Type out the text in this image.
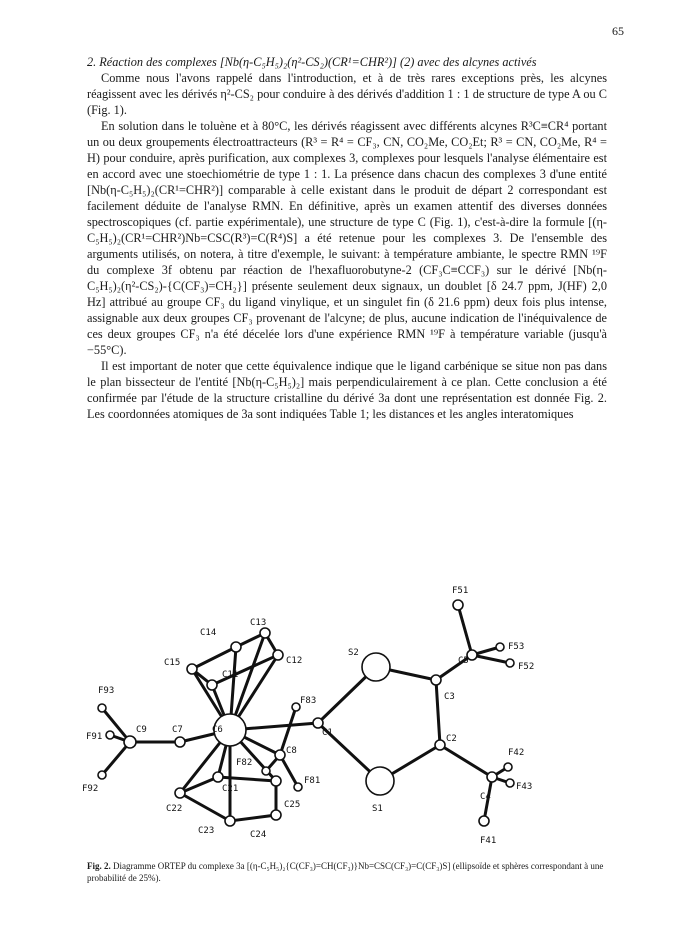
65

2. Réaction des complexes [Nb(η-C₅H₅)₂(η²-CS₂)(CR¹=CHR²)] (2) avec des alcynes activés

Comme nous l'avons rappelé dans l'introduction, et à de très rares exceptions près, les alcynes réagissent avec les dérivés η²-CS₂ pour conduire à des dérivés d'addition 1 : 1 de structure de type A ou C (Fig. 1).

En solution dans le toluène et à 80°C, les dérivés réagissent avec différents alcynes R³C≡CR⁴ portant un ou deux groupements électroattracteurs (R³ = R⁴ = CF₃, CN, CO₂Me, CO₂Et; R³ = CN, CO₂Me, R⁴ = H) pour conduire, après purification, aux complexes 3, complexes pour lesquels l'analyse élémentaire est en accord avec une stoechiométrie de type 1 : 1. La présence dans chacun des complexes 3 d'une entité [Nb(η-C₅H₅)₂(CR¹=CHR²)] comparable à celle existant dans le produit de départ 2 correspondant est facilement déduite de l'analyse RMN. En définitive, après un examen attentif des diverses données spectroscopiques (cf. partie expérimentale), une structure de type C (Fig. 1), c'est-à-dire la formule [(η-C₅H₅)₂(CR¹=CHR²)Nb=CSC(R³)=C(R⁴)S] a été retenue pour les complexes 3. De l'ensemble des arguments utilisés, on notera, à titre d'exemple, le suivant: à température ambiante, le spectre RMN ¹⁹F du complexe 3f obtenu par réaction de l'hexafluorobutyne-2 (CF₃C≡CCF₃) sur le dérivé [Nb(η-C₅H₅)₂(η²-CS₂)-{C(CF₃)=CH₂}] présente seulement deux signaux, un doublet [δ 24.7 ppm, J(HF) 2,0 Hz] attribué au groupe CF₃ du ligand vinylique, et un singulet fin (δ 21.6 ppm) deux fois plus intense, assignable aux deux groupes CF₃ provenant de l'alcyne; de plus, aucune indication de l'inéquivalence de ces deux groupes CF₃ n'a été décelée lors d'une expérience RMN ¹⁹F à température variable (jusqu'à −55°C).

Il est important de noter que cette équivalence indique que le ligand carbénique se situe non pas dans le plan bissecteur de l'entité [Nb(η-C₅H₅)₂] mais perpendiculairement à ce plan. Cette conclusion a été confirmée par l'étude de la structure cristalline du dérivé 3a dont une représentation est donnée Fig. 2. Les coordonnées atomiques de 3a sont indiquées Table 1; les distances et les angles interatomiques

F51
C13
C14
C15	C12
C11
S2
C5
F53
F52
F93
C3
F83
C1
C9	C7	C6
C2
F91
C8
F82
F42
F43
F81
C21
C4
S1
F92
C22	C25
C23	C24
F41
Fig. 2. Diagramme ORTEP du complexe 3a [(η-C₅H₅)₂{C(CF₃)=CH(CF₃)}Nb=CSC(CF₃)=C(CF₃)S] (ellipsoïde et sphères correspondant à une probabilité de 25%).
